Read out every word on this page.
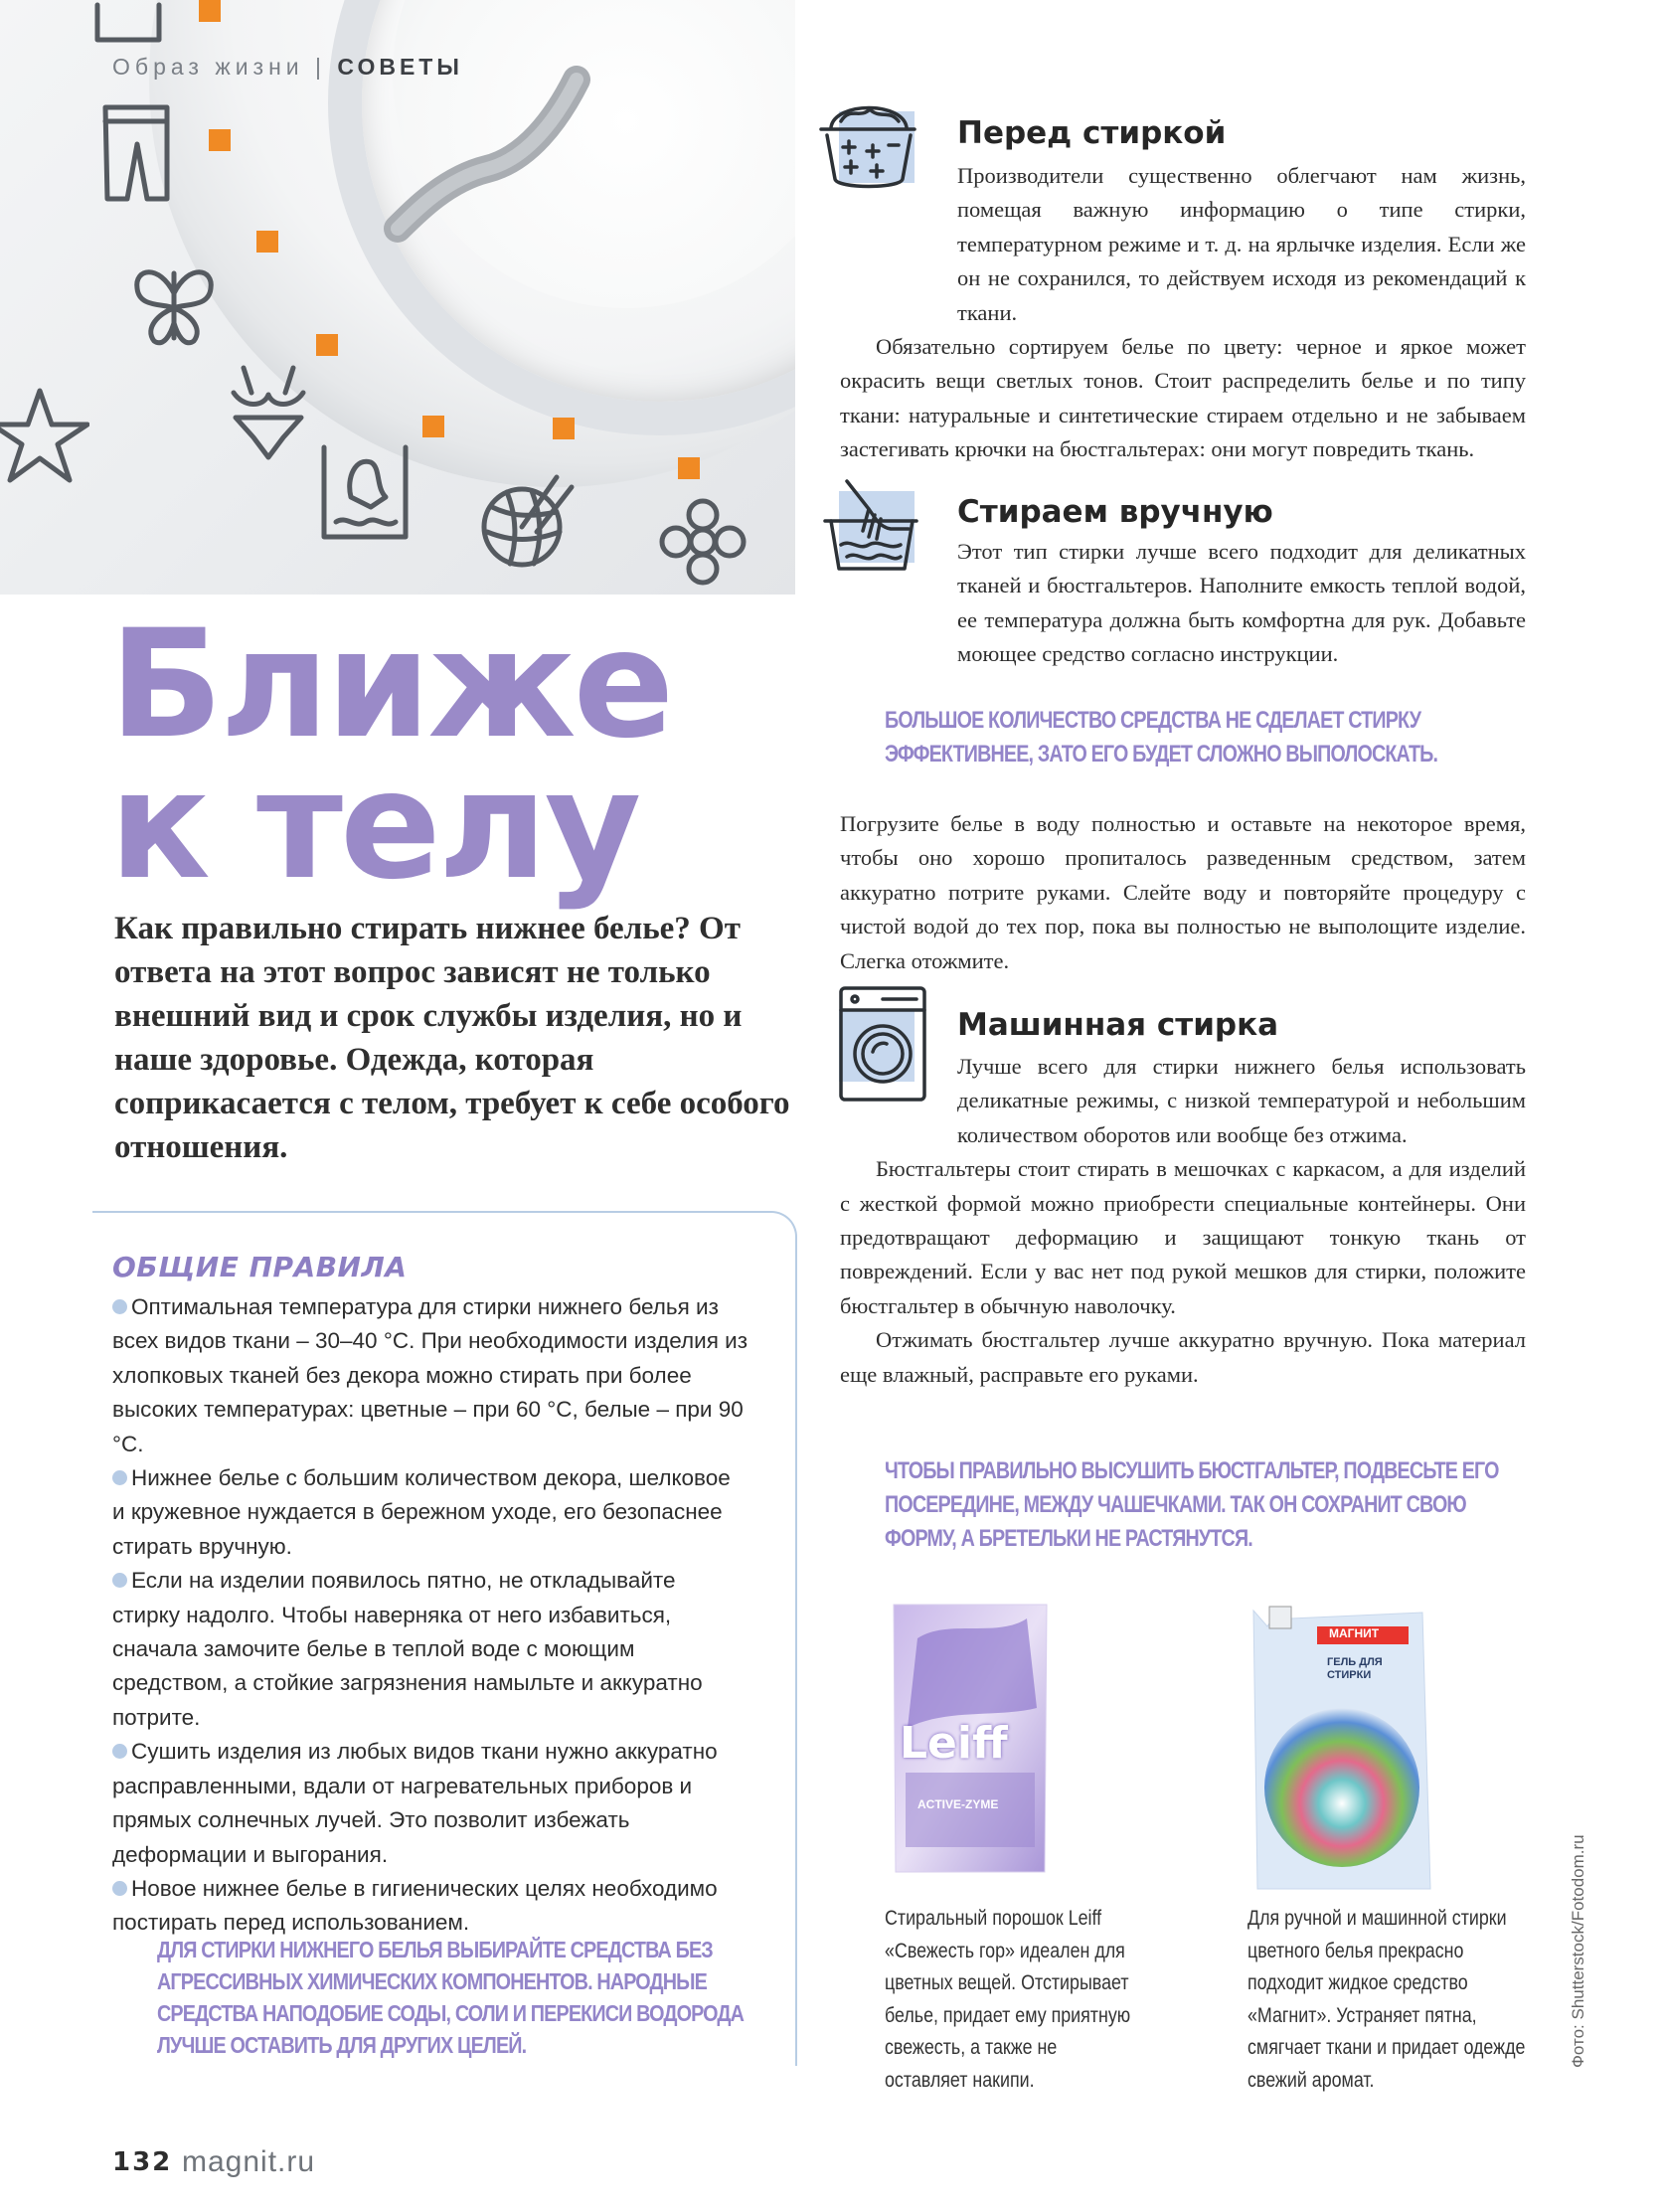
Образ жизни | СОВЕТЫ
Ближе
к телу
Как правильно стирать нижнее белье? От ответа на этот вопрос зависят не только внешний вид и срок службы изделия, но и наше здоровье. Одежда, которая соприкасается с телом, требует к себе особого отношения.
ОБЩИЕ ПРАВИЛА

Оптимальная температура для стирки нижнего белья из всех видов ткани – 30–40 °С. При необходимости изделия из хлопковых тканей без декора можно стирать при более высоких температурах: цветные – при 60 °С, белые – при 90 °С.

Нижнее белье с большим количеством декора, шелковое и кружевное нуждается в бережном уходе, его безопаснее стирать вручную.

Если на изделии появилось пятно, не откладывайте стирку надолго. Чтобы наверняка от него избавиться, сначала замочите белье в теплой воде с моющим средством, а стойкие загрязнения намыльте и аккуратно потрите.

Сушить изделия из любых видов ткани нужно аккуратно расправленными, вдали от нагревательных приборов и прямых солнечных лучей. Это позволит избежать деформации и выгорания.

Новое нижнее белье в гигиенических целях необходимо постирать перед использованием.

ДЛЯ СТИРКИ НИЖНЕГО БЕЛЬЯ ВЫБИРАЙТЕ СРЕДСТВА БЕЗ АГРЕССИВНЫХ ХИМИЧЕСКИХ КОМПОНЕНТОВ. НАРОДНЫЕ СРЕДСТВА НАПОДОБИЕ СОДЫ, СОЛИ И ПЕРЕКИСИ ВОДОРОДА ЛУЧШЕ ОСТАВИТЬ ДЛЯ ДРУГИХ ЦЕЛЕЙ.
Перед стиркой

Производители существенно облегчают нам жизнь, помещая важную информацию о типе стирки, температурном режиме и т. д. на ярлычке изделия. Если же он не сохранился, то действуем исходя из рекомендаций к ткани.

Обязательно сортируем белье по цвету: черное и яркое может окрасить вещи светлых тонов. Стоит распределить белье и по типу ткани: натуральные и синтетические стираем отдельно и не забываем застегивать крючки на бюстгальтерах: они могут повредить ткань.

Стираем вручную

Этот тип стирки лучше всего подходит для деликатных тканей и бюстгальтеров. Наполните емкость теплой водой, ее температура должна быть комфортна для рук. Добавьте моющее средство согласно инструкции.

БОЛЬШОЕ КОЛИЧЕСТВО СРЕДСТВА НЕ СДЕЛАЕТ СТИРКУ ЭФФЕКТИВНЕЕ, ЗАТО ЕГО БУДЕТ СЛОЖНО ВЫПОЛОСКАТЬ.

Погрузите белье в воду полностью и оставьте на некоторое время, чтобы оно хорошо пропиталось разведенным средством, затем аккуратно потрите руками. Слейте воду и повторяйте процедуру с чистой водой до тех пор, пока вы полностью не выполощите изделие. Слегка отожмите.

Машинная стирка

Лучше всего для стирки нижнего белья использовать деликатные режимы, с низкой температурой и небольшим количеством оборотов или вообще без отжима.

Бюстгальтеры стоит стирать в мешочках с каркасом, а для изделий с жесткой формой можно приобрести специальные контейнеры. Они предотвращают деформацию и защищают тонкую ткань от повреждений. Если у вас нет под рукой мешков для стирки, положите бюстгальтер в обычную наволочку.

Отжимать бюстгальтер лучше аккуратно вручную. Пока материал еще влажный, расправьте его руками.

ЧТОБЫ ПРАВИЛЬНО ВЫСУШИТЬ БЮСТГАЛЬТЕР, ПОДВЕСЬТЕ ЕГО ПОСЕРЕДИНЕ, МЕЖДУ ЧАШЕЧКАМИ. ТАК ОН СОХРАНИТ СВОЮ ФОРМУ, А БРЕТЕЛЬКИ НЕ РАСТЯНУТСЯ.
Leiff
ACTIVE-ZYME
МАГНИТ
ГЕЛЬ ДЛЯ СТИРКИ
Стиральный порошок Leiff «Свежесть гор» идеален для цветных вещей. Отстирывает белье, придает ему приятную свежесть, а также не оставляет накипи.
Для ручной и машинной стирки цветного белья прекрасно подходит жидкое средство «Магнит». Устраняет пятна, смягчает ткани и придает одежде свежий аромат.
Фото: Shutterstock/Fotodom.ru
132 magnit.ru
